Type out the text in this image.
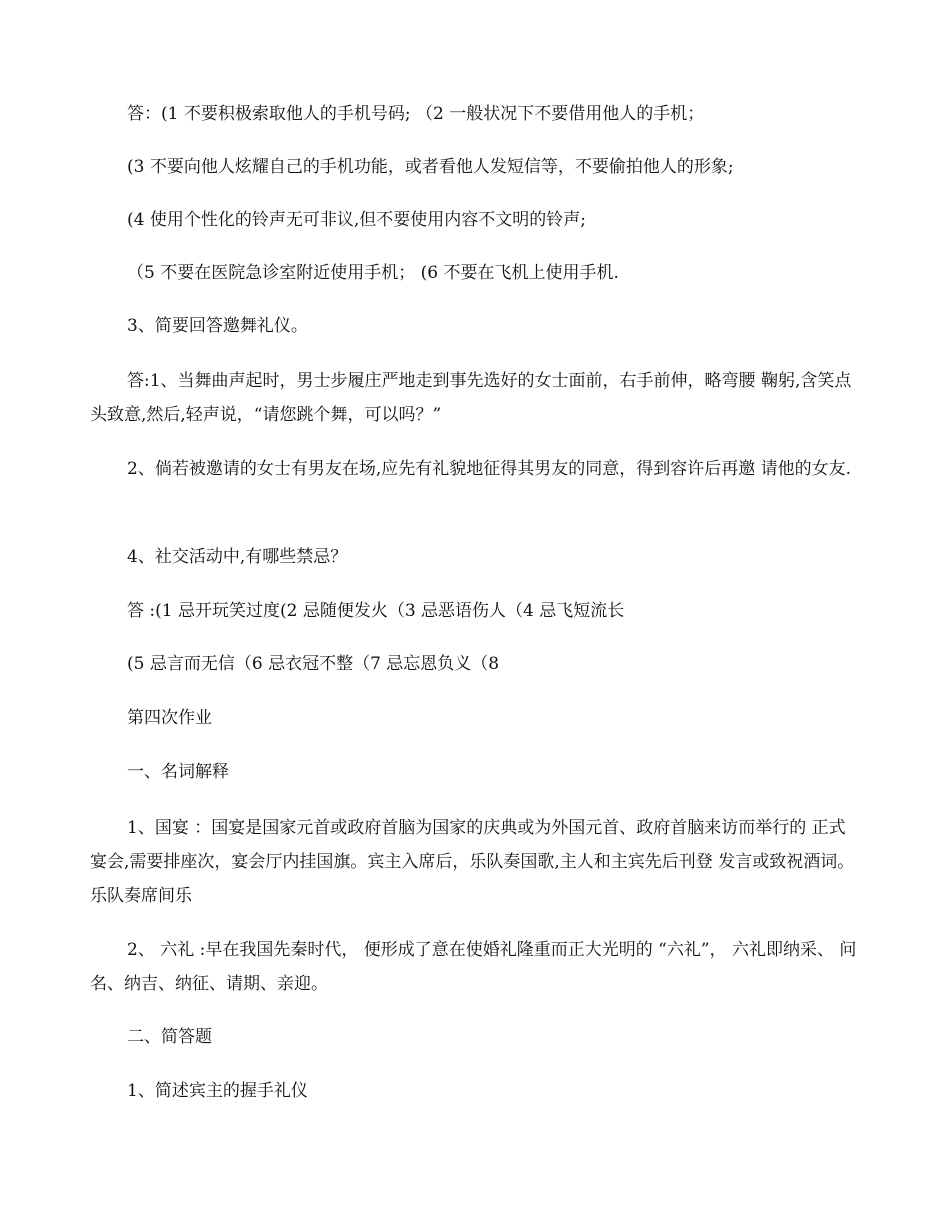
答：(1 不要积极索取他人的手机号码; （2 一般状况下不要借用他人的手机；
(3 不要向他人炫耀自己的手机功能，或者看他人发短信等，不要偷拍他人的形象;
(4 使用个性化的铃声无可非议,但不要使用内容不文明的铃声;
（5 不要在医院急诊室附近使用手机； (6 不要在飞机上使用手机.
3、简要回答邀舞礼仪。
答:1、当舞曲声起时，男士步履庄严地走到事先选好的女士面前，右手前伸，略弯腰 鞠躬,含笑点头致意,然后,轻声说，“请您跳个舞，可以吗？”
2、倘若被邀请的女士有男友在场,应先有礼貌地征得其男友的同意，得到容许后再邀 请他的女友.
4、社交活动中,有哪些禁忌？
答 :(1 忌开玩笑过度(2 忌随便发火（3 忌恶语伤人（4 忌飞短流长
(5 忌言而无信（6 忌衣冠不整（7 忌忘恩负义（8
第四次作业
一、名词解释
1、国宴 ：国宴是国家元首或政府首脑为国家的庆典或为外国元首、政府首脑来访而举行的 正式宴会,需要排座次，宴会厅内挂国旗。宾主入席后，乐队奏国歌,主人和主宾先后刊登 发言或致祝酒词。乐队奏席间乐
2、 六礼 :早在我国先秦时代， 便形成了意在使婚礼隆重而正大光明的 “六礼”， 六礼即纳采、 问名、纳吉、纳征、请期、亲迎。
二、简答题
1、简述宾主的握手礼仪
